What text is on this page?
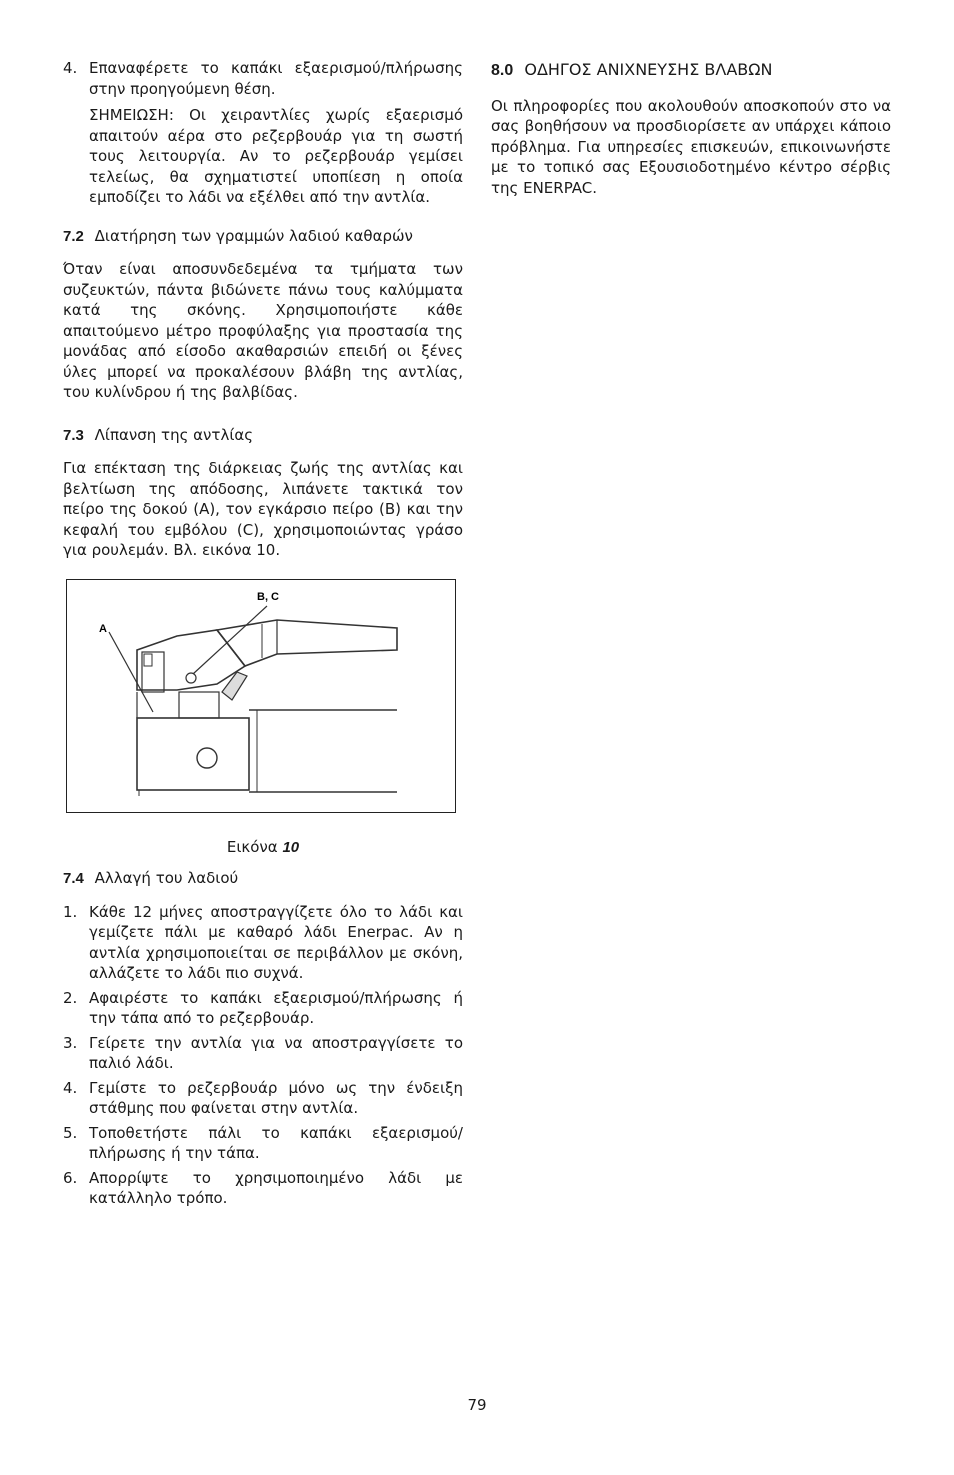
4. Επαναφέρετε το καπάκι εξαερισμού/πλήρωσης στην προηγούμενη θέση.

ΣΗΜΕΙΩΣΗ: Οι χειραντλίες χωρίς εξαερισμό απαιτούν αέρα στο ρεζερβουάρ για τη σωστή τους λειτουργία. Αν το ρεζερβουάρ γεμίσει τελείως, θα σχηματιστεί υποπίεση η οποία εμποδίζει το λάδι να εξέλθει από την αντλία.

7.2 Διατήρηση των γραμμών λαδιού καθαρών

Όταν είναι αποσυνδεδεμένα τα τμήματα των συζευκτών, πάντα βιδώνετε πάνω τους καλύμματα κατά της σκόνης. Χρησιμοποιήστε κάθε απαιτούμενο μέτρο προφύλαξης για προστασία της μονάδας από είσοδο ακαθαρσιών επειδή οι ξένες ύλες μπορεί να προκαλέσουν βλάβη της αντλίας, του κυλίνδρου ή της βαλβίδας.

7.3 Λίπανση της αντλίας

Για επέκταση της διάρκειας ζωής της αντλίας και βελτίωση της απόδοσης, λιπάνετε τακτικά τον πείρο της δοκού (A), τον εγκάρσιο πείρο (B) και την κεφαλή του εμβόλου (C), χρησιμοποιώντας γράσο για ρουλεμάν. Βλ. εικόνα 10.

A
B, C
Εικόνα 10
7.4 Αλλαγή του λαδιού
1. Κάθε 12 μήνες αποστραγγίζετε όλο το λάδι και γεμίζετε πάλι με καθαρό λάδι Enerpac. Αν η αντλία χρησιμοποιείται σε περιβάλλον με σκόνη, αλλάζετε το λάδι πιο συχνά.
2. Αφαιρέστε το καπάκι εξαερισμού/πλήρωσης ή την τάπα από το ρεζερβουάρ.
3. Γείρετε την αντλία για να αποστραγγίσετε το παλιό λάδι.
4. Γεμίστε το ρεζερβουάρ μόνο ως την ένδειξη στάθμης που φαίνεται στην αντλία.
5. Τοποθετήστε πάλι το καπάκι εξαερισμού/πλήρωσης ή την τάπα.
6. Απορρίψτε το χρησιμοποιημένο λάδι με κατάλληλο τρόπο.
8.0 ΟΔΗΓΟΣ ΑΝΙΧΝΕΥΣΗΣ ΒΛΑΒΩΝ

Οι πληροφορίες που ακολουθούν αποσκοπούν στο να σας βοηθήσουν να προσδιορίσετε αν υπάρχει κάποιο πρόβλημα. Για υπηρεσίες επισκευών, επικοινωνήστε με το τοπικό σας Εξουσιοδοτημένο κέντρο σέρβις της ENERPAC.

79
